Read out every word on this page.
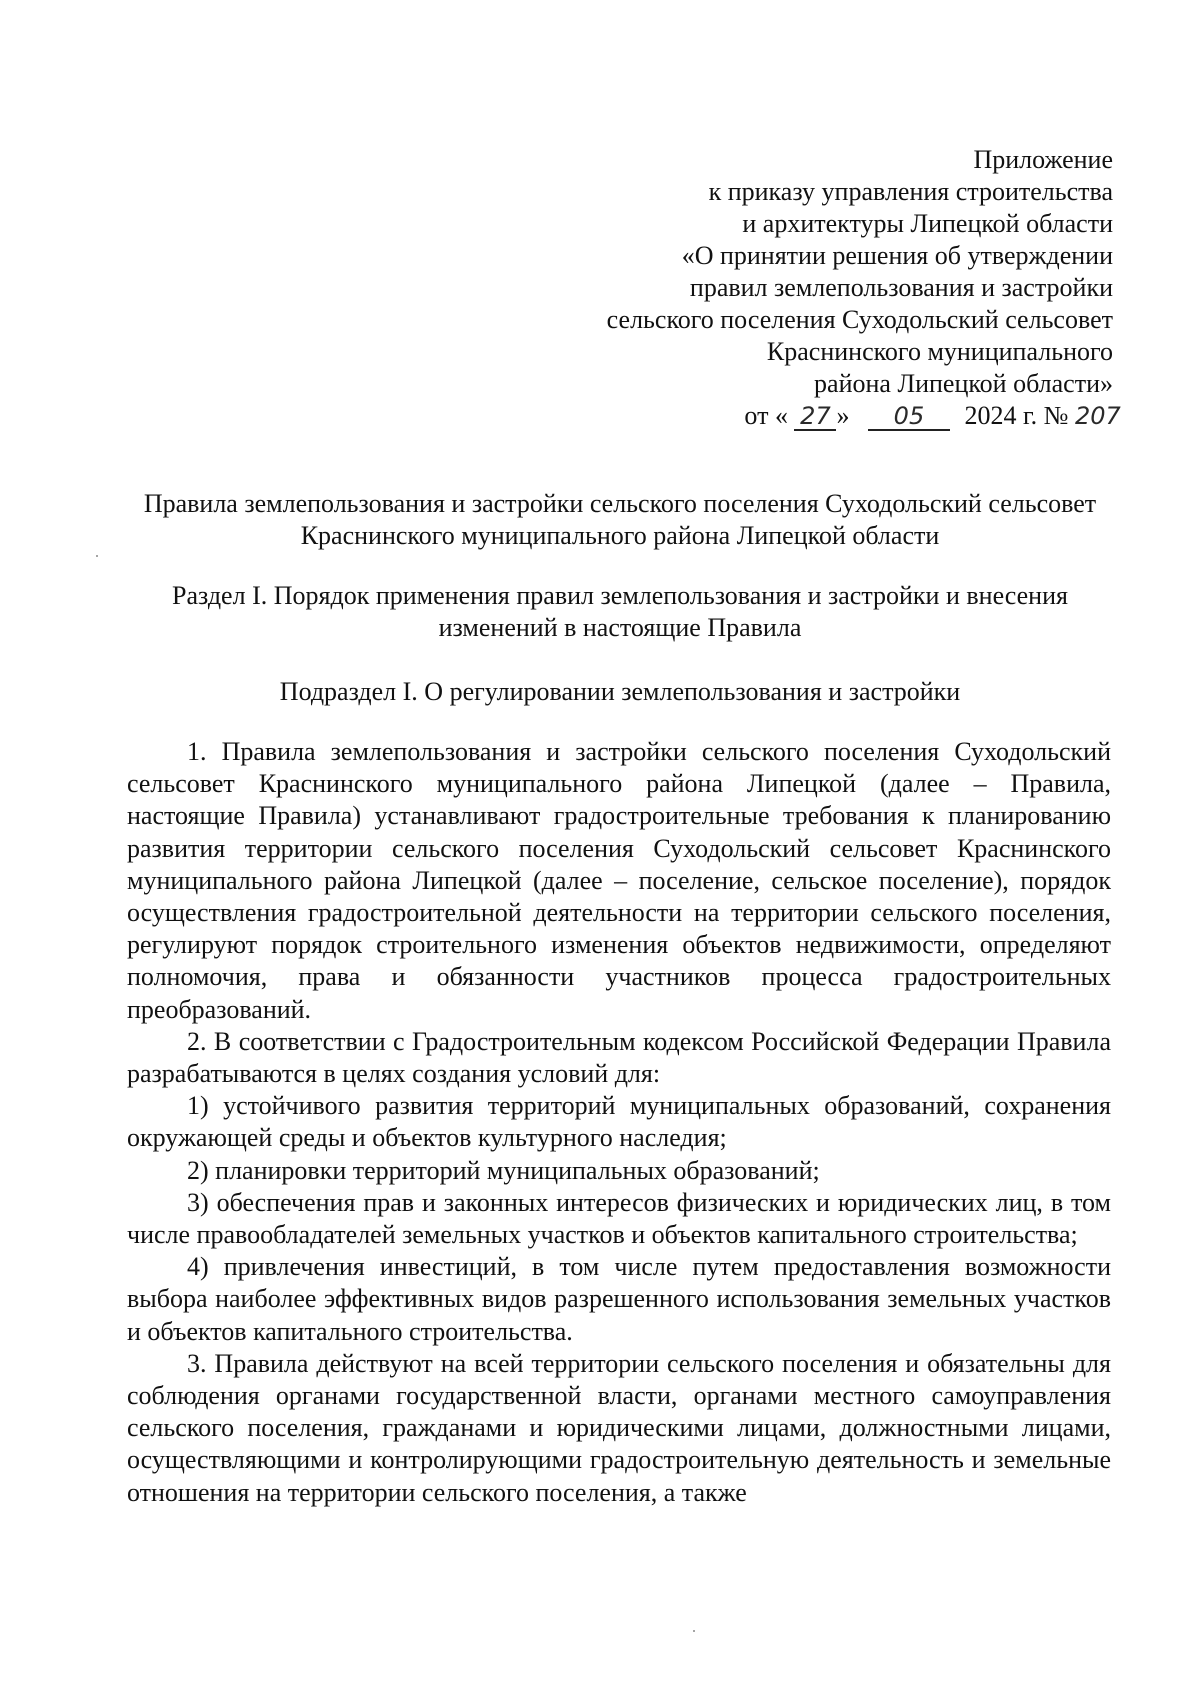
Приложение
к приказу управления строительства
и архитектуры Липецкой области
«О принятии решения об утверждении
правил землепользования и застройки
сельского поселения Суходольский сельсовет
Краснинского муниципального
района Липецкой области»
от « 27 » 05 2024 г. № 207
Правила землепользования и застройки сельского поселения Суходольский сельсовет Краснинского муниципального района Липецкой области
Раздел I. Порядок применения правил землепользования и застройки и внесения изменений в настоящие Правила
Подраздел I. О регулировании землепользования и застройки

1. Правила землепользования и застройки сельского поселения Суходольский сельсовет Краснинского муниципального района Липецкой (далее – Правила, настоящие Правила) устанавливают градостроительные требования к планированию развития территории сельского поселения Суходольский сельсовет Краснинского муниципального района Липецкой (далее – поселение, сельское поселение), порядок осуществления градостроительной деятельности на территории сельского поселения, регулируют порядок строительного изменения объектов недвижимости, определяют полномочия, права и обязанности участников процесса градостроительных преобразований.

2. В соответствии с Градостроительным кодексом Российской Федерации Правила разрабатываются в целях создания условий для:

1) устойчивого развития территорий муниципальных образований, сохранения окружающей среды и объектов культурного наследия;

2) планировки территорий муниципальных образований;

3) обеспечения прав и законных интересов физических и юридических лиц, в том числе правообладателей земельных участков и объектов капитального строительства;

4) привлечения инвестиций, в том числе путем предоставления возможности выбора наиболее эффективных видов разрешенного использования земельных участков и объектов капитального строительства.

3. Правила действуют на всей территории сельского поселения и обязательны для соблюдения органами государственной власти, органами местного самоуправления сельского поселения, гражданами и юридическими лицами, должностными лицами, осуществляющими и контролирующими градостроительную деятельность и земельные отношения на территории сельского поселения, а также
